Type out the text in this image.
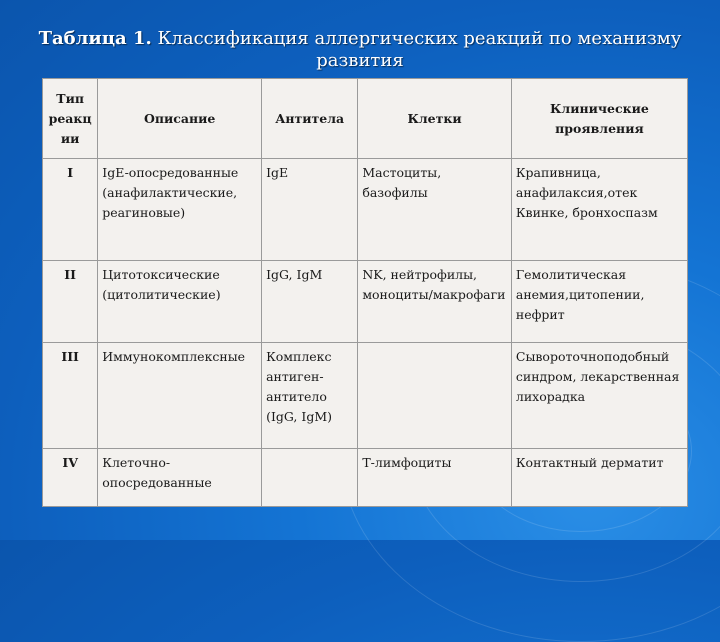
Таблица 1. Классификация аллергических реакций по механизму развития
Тип реакции	Описание	Антитела	Клетки	Клинические проявления
I	IgE-опосредованные (анафилактические, реагиновые)	IgE	Мастоциты, базофилы	Крапивница, анафилаксия,отек Квинке, бронхоспазм
II	Цитотоксические (цитолитические)	IgG, IgM	NK, нейтрофилы, моноциты/макрофаги	Гемолитическая анемия,цитопении, нефрит
III	Иммунокомплексные	Комплекс антиген-антитело (IgG, IgM)		Сывороточноподобный синдром, лекарственная лихорадка
IV	Клеточно-опосредованные		Т-лимфоциты	Контактный дерматит
